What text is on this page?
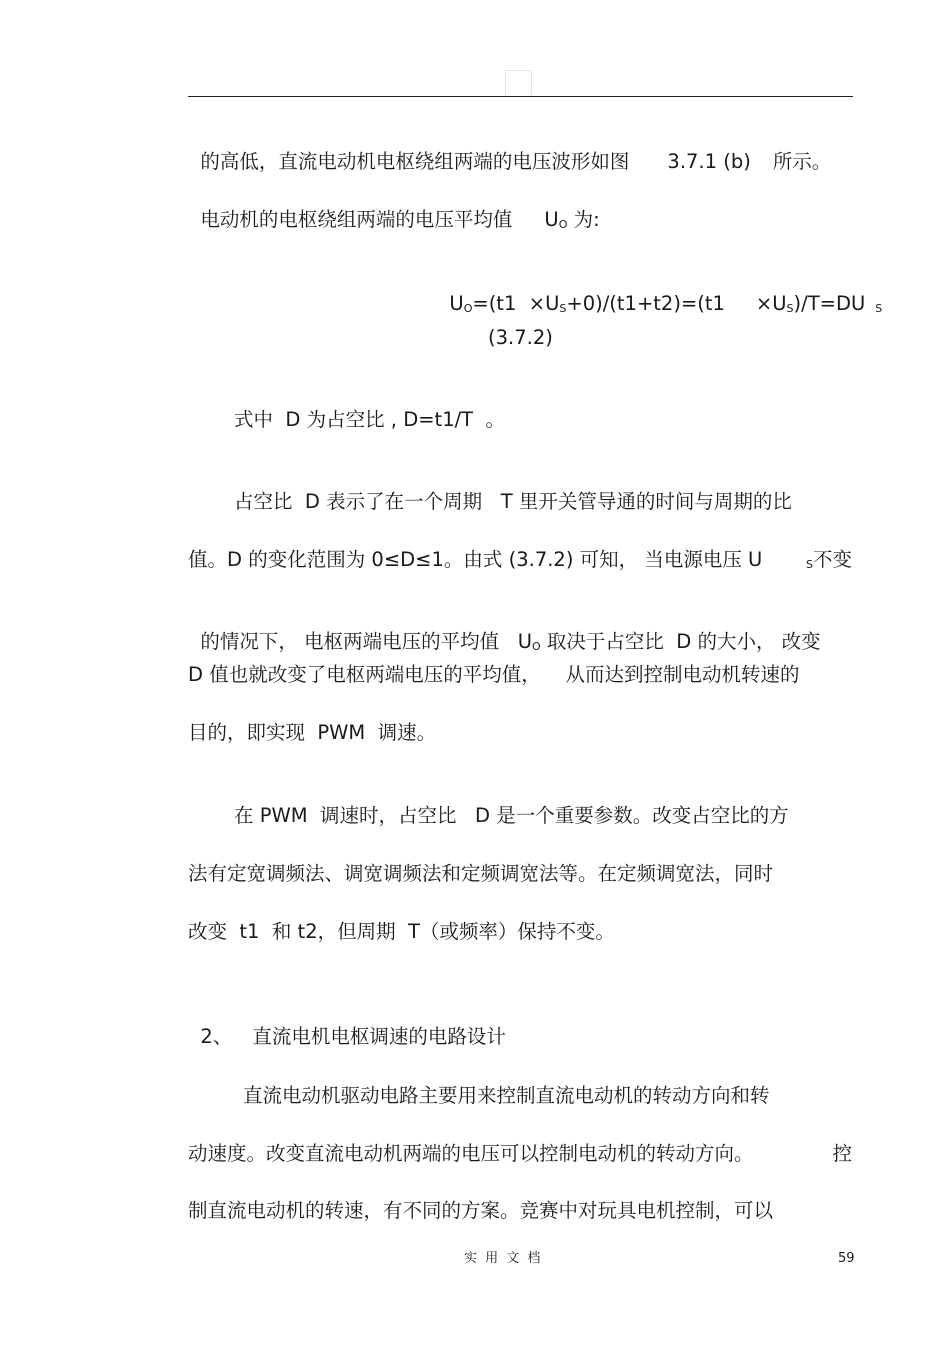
的高低，直流电动机电枢绕组两端的电压波形如图 3.7.1 (b) 所示。

电动机的电枢绕组两端的电压平均值 $U_O$ 为:

$U_O=(t1 \times U_S+0)/(t1+t2)=(t1$     $\times U_S)/T=DU$ $_S$

(3.7.2)
式中  D 为占空比 , D=t1/T  。
占空比  D 表示了在一个周期   T 里开关管导通的时间与周期的比
值。D 的变化范围为 0≤D≤1。由式 (3.7.2) 可知， 当电源电压 U	$_S$不变

的情况下， 电枢两端电压的平均值   $U_O$ 取决于占空比  D 的大小， 改变

D 值也就改变了电枢两端电压的平均值，    从而达到控制电动机转速的
目的，即实现  PWM  调速。
在 PWM  调速时，占空比   D 是一个重要参数。改变占空比的方
法有定宽调频法、调宽调频法和定频调宽法等。在定频调宽法，同时
改变  t1  和 t2，但周期  T（或频率）保持不变。

2、 直流电机电枢调速的电路设计

直流电动机驱动电路主要用来控制直流电动机的转动方向和转
动速度。改变直流电动机两端的电压可以控制电动机的转动方向。	控
制直流电动机的转速，有不同的方案。竞赛中对玩具电机控制，可以
实 用 文 档	59
